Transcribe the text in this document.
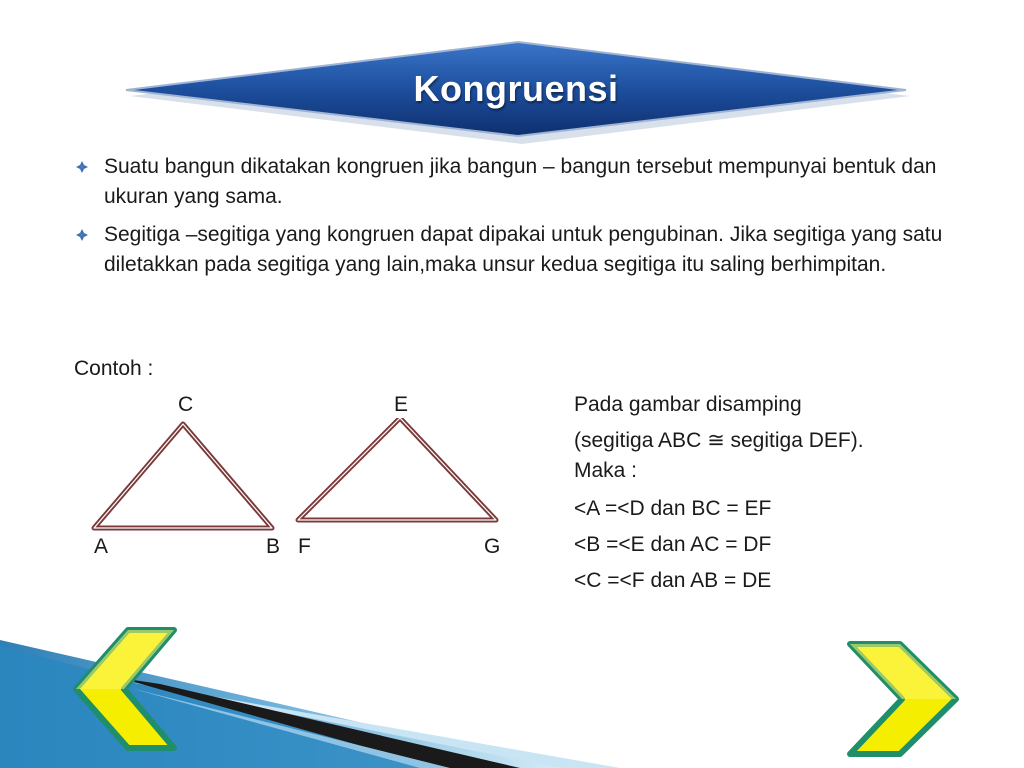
Kongruensi
Suatu bangun dikatakan kongruen jika bangun – bangun tersebut mempunyai bentuk dan ukuran yang sama.
Segitiga –segitiga yang kongruen dapat dipakai untuk pengubinan. Jika segitiga yang satu diletakkan pada segitiga yang lain,maka unsur kedua segitiga itu saling berhimpitan.
Contoh :
C	E
A	B F	G
Pada gambar disamping
(segitiga ABC ≅ segitiga DEF).
Maka :
<A =<D dan BC = EF
<B =<E dan AC = DF
<C =<F dan AB = DE
